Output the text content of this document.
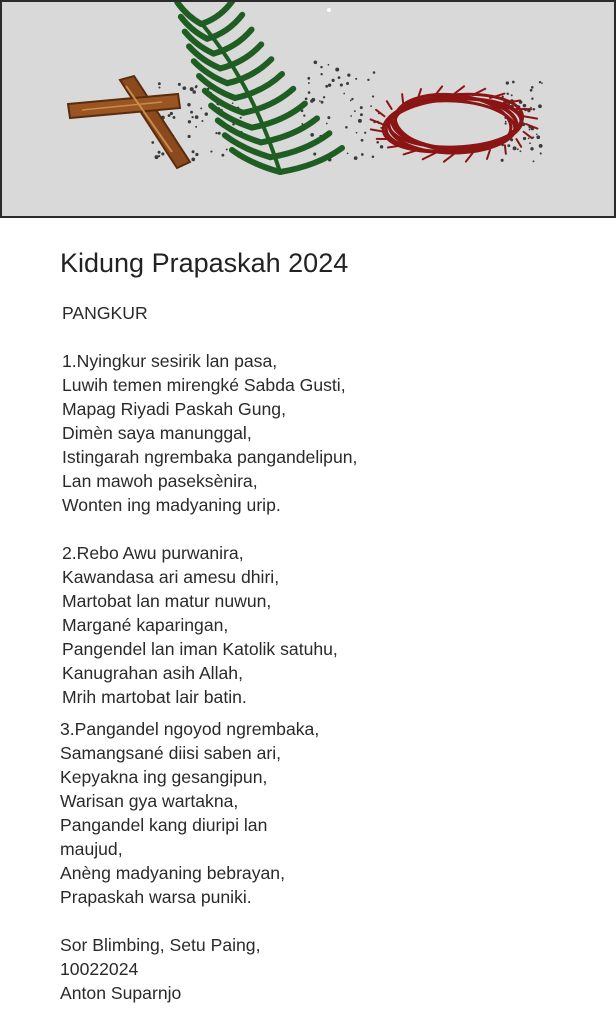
Kidung Prapaskah 2024
PANGKUR
1.Nyingkur sesirik lan pasa,
Luwih temen mirengké Sabda Gusti,
Mapag Riyadi Paskah Gung,
Dimèn saya manunggal,
Istingarah ngrembaka pangandelipun,
Lan mawoh paseksènira,
Wonten ing madyaning urip.
2.Rebo Awu purwanira,
Kawandasa ari amesu dhiri,
Martobat lan matur nuwun,
Margané kaparingan,
Pangendel lan iman Katolik satuhu,
Kanugrahan asih Allah,
Mrih martobat lair batin.
3.Pangandel ngoyod ngrembaka,
Samangsané diisi saben ari,
Kepyakna ing gesangipun,
Warisan gya wartakna,
Pangandel kang diuripi lan
maujud,
Anèng madyaning bebrayan,
Prapaskah warsa puniki.
Sor Blimbing, Setu Paing,
10022024
Anton Suparnjo
